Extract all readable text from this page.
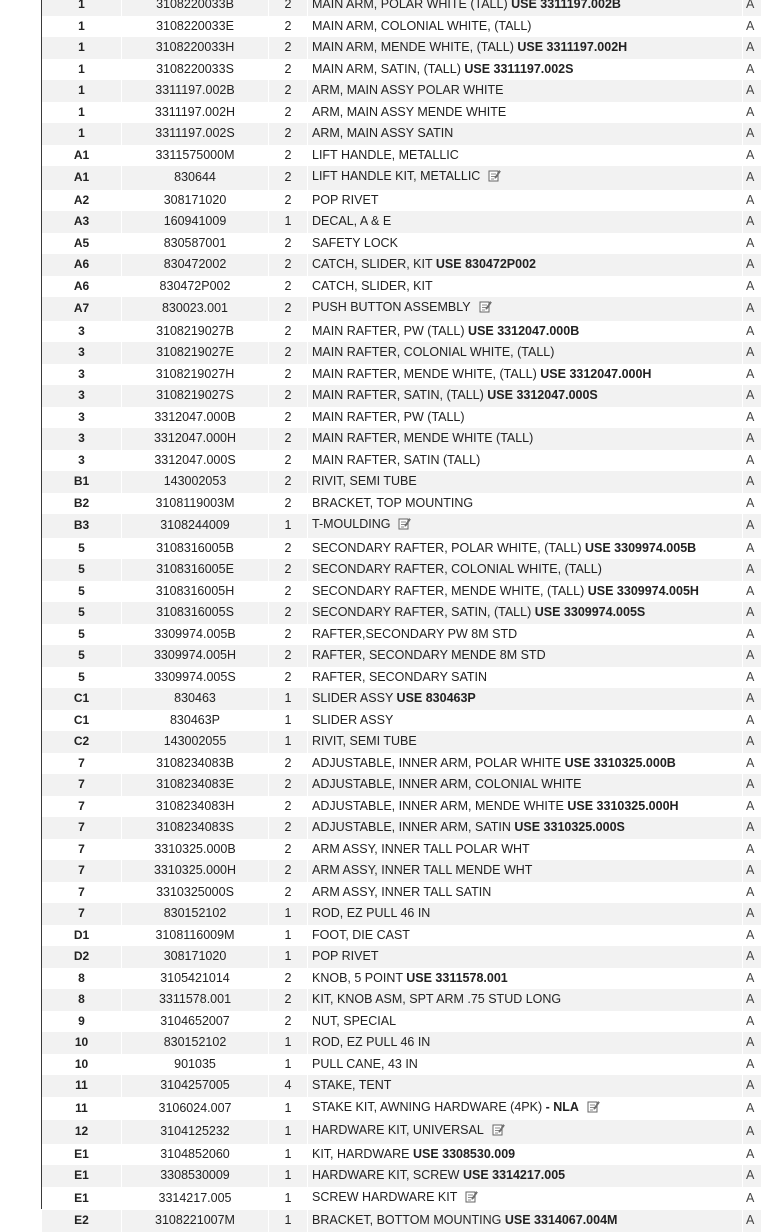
1	3108220033B	2	MAIN ARM, POLAR WHITE (TALL) USE 3311197.002B	A
1	3108220033E	2	MAIN ARM, COLONIAL WHITE, (TALL)	A
1	3108220033H	2	MAIN ARM, MENDE WHITE, (TALL) USE 3311197.002H	A
1	3108220033S	2	MAIN ARM, SATIN, (TALL) USE 3311197.002S	A
1	3311197.002B	2	ARM, MAIN ASSY POLAR WHITE	A
1	3311197.002H	2	ARM, MAIN ASSY MENDE WHITE	A
1	3311197.002S	2	ARM, MAIN ASSY SATIN	A
A1	3311575000M	2	LIFT HANDLE, METALLIC	A
A1	830644	2	LIFT HANDLE KIT, METALLIC	A
A2	308171020	2	POP RIVET	A
A3	160941009	1	DECAL, A & E	A
A5	830587001	2	SAFETY LOCK	A
A6	830472002	2	CATCH, SLIDER, KIT USE 830472P002	A
A6	830472P002	2	CATCH, SLIDER, KIT	A
A7	830023.001	2	PUSH BUTTON ASSEMBLY	A
3	3108219027B	2	MAIN RAFTER, PW (TALL) USE 3312047.000B	A
3	3108219027E	2	MAIN RAFTER, COLONIAL WHITE, (TALL)	A
3	3108219027H	2	MAIN RAFTER, MENDE WHITE, (TALL) USE 3312047.000H	A
3	3108219027S	2	MAIN RAFTER, SATIN, (TALL) USE 3312047.000S	A
3	3312047.000B	2	MAIN RAFTER, PW (TALL)	A
3	3312047.000H	2	MAIN RAFTER, MENDE WHITE (TALL)	A
3	3312047.000S	2	MAIN RAFTER, SATIN (TALL)	A
B1	143002053	2	RIVIT, SEMI TUBE	A
B2	3108119003M	2	BRACKET, TOP MOUNTING	A
B3	3108244009	1	T-MOULDING	A
5	3108316005B	2	SECONDARY RAFTER, POLAR WHITE, (TALL) USE 3309974.005B	A
5	3108316005E	2	SECONDARY RAFTER, COLONIAL WHITE, (TALL)	A
5	3108316005H	2	SECONDARY RAFTER, MENDE WHITE, (TALL) USE 3309974.005H	A
5	3108316005S	2	SECONDARY RAFTER, SATIN, (TALL) USE 3309974.005S	A
5	3309974.005B	2	RAFTER,SECONDARY PW 8M STD	A
5	3309974.005H	2	RAFTER, SECONDARY MENDE 8M STD	A
5	3309974.005S	2	RAFTER, SECONDARY SATIN	A
C1	830463	1	SLIDER ASSY USE 830463P	A
C1	830463P	1	SLIDER ASSY	A
C2	143002055	1	RIVIT, SEMI TUBE	A
7	3108234083B	2	ADJUSTABLE, INNER ARM, POLAR WHITE USE 3310325.000B	A
7	3108234083E	2	ADJUSTABLE, INNER ARM, COLONIAL WHITE	A
7	3108234083H	2	ADJUSTABLE, INNER ARM, MENDE WHITE USE 3310325.000H	A
7	3108234083S	2	ADJUSTABLE, INNER ARM, SATIN USE 3310325.000S	A
7	3310325.000B	2	ARM ASSY, INNER TALL POLAR WHT	A
7	3310325.000H	2	ARM ASSY, INNER TALL MENDE WHT	A
7	3310325000S	2	ARM ASSY, INNER TALL SATIN	A
7	830152102	1	ROD, EZ PULL 46 IN	A
D1	3108116009M	1	FOOT, DIE CAST	A
D2	308171020	1	POP RIVET	A
8	3105421014	2	KNOB, 5 POINT USE 3311578.001	A
8	3311578.001	2	KIT, KNOB ASM, SPT ARM .75 STUD LONG	A
9	3104652007	2	NUT, SPECIAL	A
10	830152102	1	ROD, EZ PULL 46 IN	A
10	901035	1	PULL CANE, 43 IN	A
11	3104257005	4	STAKE, TENT	A
11	3106024.007	1	STAKE KIT, AWNING HARDWARE (4PK) - NLA	A
12	3104125232	1	HARDWARE KIT, UNIVERSAL	A
E1	3104852060	1	KIT, HARDWARE USE 3308530.009	A
E1	3308530009	1	HARDWARE KIT, SCREW USE 3314217.005	A
E1	3314217.005	1	SCREW HARDWARE KIT	A
E2	3108221007M	1	BRACKET, BOTTOM MOUNTING USE 3314067.004M	A
